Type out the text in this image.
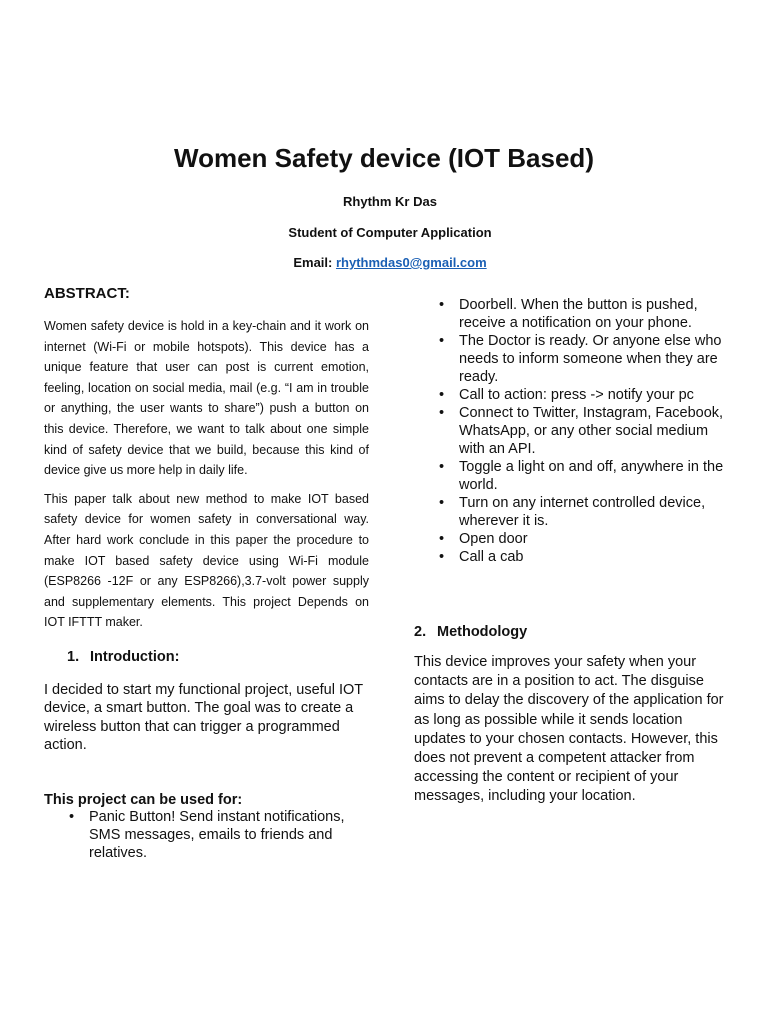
Women Safety device (IOT Based)

Rhythm Kr Das

Student of Computer Application

Email: rhythmdas0@gmail.com

ABSTRACT:

Women safety device is hold in a key-chain and it work on internet (Wi-Fi or mobile hotspots). This device has a unique feature that user can post is current emotion, feeling, location on social media, mail (e.g. “I am in trouble or anything, the user wants to share”) push a button on this device. Therefore, we want to talk about one simple kind of safety device that we build, because this kind of device give us more help in daily life.

This paper talk about new method to make IOT based safety device for women safety in conversational way. After hard work conclude in this paper the procedure to make IOT based safety device using Wi-Fi module (ESP8266 -12F or any ESP8266),3.7-volt power supply and supplementary elements. This project Depends on IOT IFTTT maker.

1. Introduction:

I decided to start my functional project, useful IOT device, a smart button. The goal was to create a wireless button that can trigger a programmed action.

This project can be used for:
• Panic Button! Send instant notifications, SMS messages, emails to friends and relatives.
• Doorbell. When the button is pushed, receive a notification on your phone.
• The Doctor is ready. Or anyone else who needs to inform someone when they are ready.
• Call to action: press -> notify your pc
• Connect to Twitter, Instagram, Facebook, WhatsApp, or any other social medium with an API.
• Toggle a light on and off, anywhere in the world.
• Turn on any internet controlled device, wherever it is.
• Open door
• Call a cab
2. Methodology

This device improves your safety when your contacts are in a position to act. The disguise aims to delay the discovery of the application for as long as possible while it sends location updates to your chosen contacts. However, this does not prevent a competent attacker from accessing the content or recipient of your messages, including your location.
